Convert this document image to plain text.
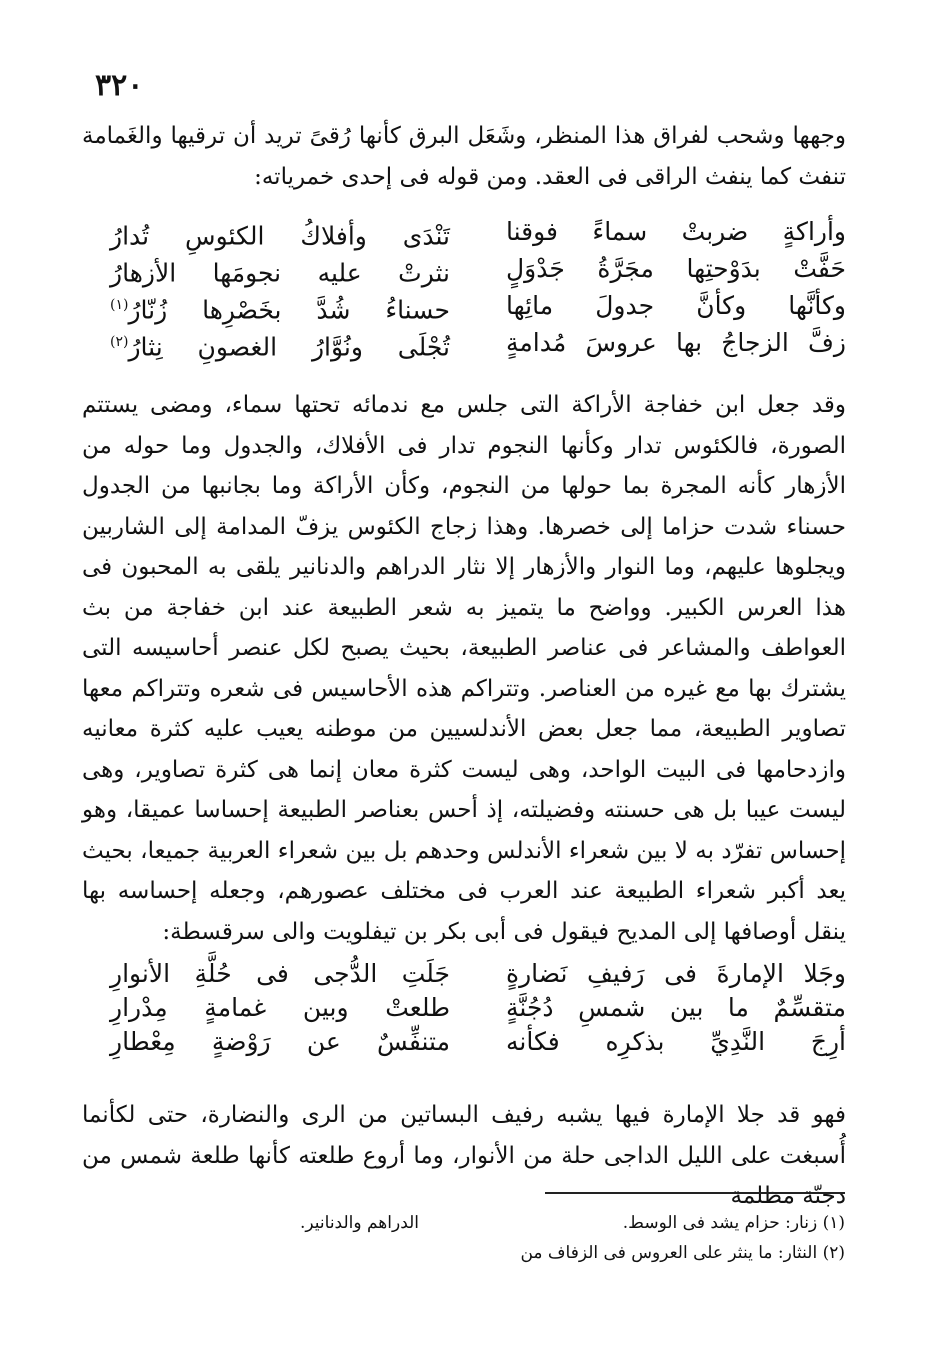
٣٢٠
وجهها وشحب لفراق هذا المنظر، وشَعَل البرق كأنها رُقىً تريد أن ترقيها والغَمامة تنفث كما ينفث الراقى فى العقد. ومن قوله فى إحدى خمرياته:
وأراكةٍ ضربتْ سماءً فوقنا
تَنْدَى وأفلاكُ الكئوسِ تُدارُ
حَفَّتْ بدَوْحتِها مجَرَّةُ جَدْوَلٍ
نثرتْ عليه نجومَها الأزهارُ
وكأنَّها وكأنَّ جدولَ مائِها
حسناءُ شُدَّ بخَصْرِها زُنّارُ$^{(١)}$
زفَّ الزجاجُ بها عروسَ مُدامةٍ
تُجْلَى ونُوَّارُ الغصونِ نِثارُ$^{(٢)}$
وقد جعل ابن خفاجة الأراكة التى جلس مع ندمائه تحتها سماء، ومضى يستتم الصورة، فالكئوس تدار وكأنها النجوم تدار فى الأفلاك، والجدول وما حوله من الأزهار كأنه المجرة بما حولها من النجوم، وكأن الأراكة وما بجانبها من الجدول حسناء شدت حزاما إلى خصرها. وهذا زجاج الكئوس يزفّ المدامة إلى الشاربين ويجلوها عليهم، وما النوار والأزهار إلا نثار الدراهم والدنانير يلقى به المحبون فى هذا العرس الكبير. وواضح ما يتميز به شعر الطبيعة عند ابن خفاجة من بث العواطف والمشاعر فى عناصر الطبيعة، بحيث يصبح لكل عنصر أحاسيسه التى يشترك بها مع غيره من العناصر. وتتراكم هذه الأحاسيس فى شعره وتتراكم معها تصاوير الطبيعة، مما جعل بعض الأندلسيين من موطنه يعيب عليه كثرة معانيه وازدحامها فى البيت الواحد، وهى ليست كثرة معان إنما هى كثرة تصاوير، وهى ليست عيبا بل هى حسنته وفضيلته، إذ أحس بعناصر الطبيعة إحساسا عميقا، وهو إحساس تفرّد به لا بين شعراء الأندلس وحدهم بل بين شعراء العربية جميعا، بحيث يعد أكبر شعراء الطبيعة عند العرب فى مختلف عصورهم، وجعله إحساسه بها ينقل أوصافها إلى المديح فيقول فى أبى بكر بن تيفلويت والى سرقسطة:
وجَلا الإمارةَ فى رَفيفِ نَضارةٍ
جَلَتِ الدُّجى فى حُلَّةِ الأنوارِ
متقسِّمٌ ما بين شمسِ دُجُنَّةٍ
طلعتْ وبين غمامةٍ مِدْرارِ
أرِجَ النَّدِيِّ بذكرِه فكأنه
متنفِّسٌ عن رَوْضةٍ مِعْطارِ
فهو قد جلا الإمارة فيها يشبه رفيف البساتين من الرى والنضارة، حتى لكأنما أُسبغت على الليل الداجى حلة من الأنوار، وما أروع طلعته كأنها طلعة شمس من دجنّة مظلمة
(١) زنار: حزام يشد فى الوسط.
الدراهم والدنانير.
(٢) النثار: ما ينثر على العروس فى الزفاف من
